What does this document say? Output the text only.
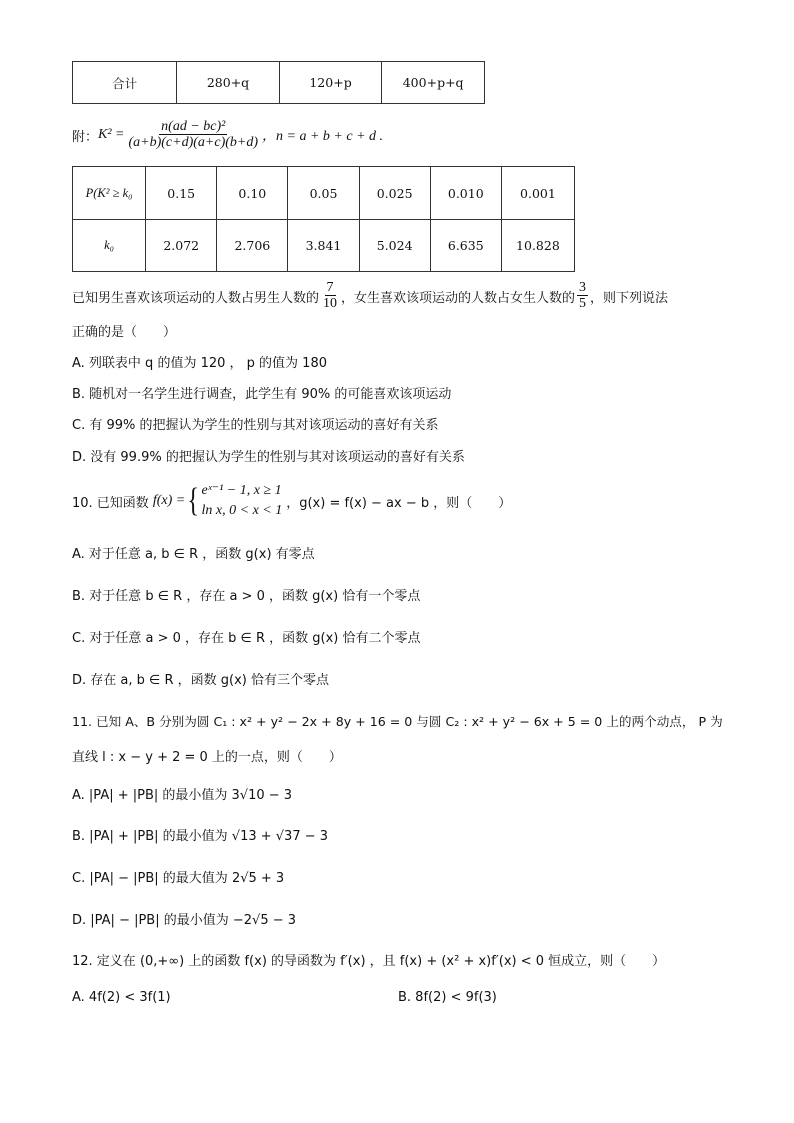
合计	280+q	120+p	400+p+q
附： $K^2 = \frac{\text{n(ad − bc)²}}{(a+b)(c+d)(a+c)(b+d)}$ ，n = a + b + c + d .
P(K² ≥ k₀	0.15	0.10	0.05	0.025	0.010	0.001
k₀	2.072	2.706	3.841	5.024	6.635	10.828
已知男生喜欢该项运动的人数占男生人数的 $\frac{7}{10}$ ，女生喜欢该项运动的人数占女生人数的 $\frac{3}{5}$ ，则下列说法
正确的是（　　）
A. 列联表中 q 的值为 120 ， p 的值为 180
B. 随机对一名学生进行调查，此学生有 90% 的可能喜欢该项运动
C. 有 99% 的把握认为学生的性别与其对该项运动的喜好有关系
D. 没有 99.9% 的把握认为学生的性别与其对该项运动的喜好有关系
10. 已知函数 f(x) = { eˣ⁻¹ − 1, x ≥ 1
ln x, 0 < x < 1 ，g(x) = f(x) − ax − b ，则（　　）
A. 对于任意 a, b ∈ R ，函数 g(x) 有零点
B. 对于任意 b ∈ R ，存在 a > 0 ，函数 g(x) 恰有一个零点
C. 对于任意 a > 0 ，存在 b ∈ R ，函数 g(x) 恰有二个零点
D. 存在 a, b ∈ R ，函数 g(x) 恰有三个零点
11. 已知 A、B 分别为圆 C₁ : x² + y² − 2x + 8y + 16 = 0 与圆 C₂ : x² + y² − 6x + 5 = 0 上的两个动点， P 为
直线 l : x − y + 2 = 0 上的一点，则（　　）
A. |PA| + |PB| 的最小值为 3√10 − 3
B. |PA| + |PB| 的最小值为 √13 + √37 − 3
C. |PA| − |PB| 的最大值为 2√5 + 3
D. |PA| − |PB| 的最小值为 −2√5 − 3
12. 定义在 (0,+∞) 上的函数 f(x) 的导函数为 f′(x) ，且 f(x) + (x² + x)f′(x) < 0 恒成立，则（　　）
A. 4f(2) < 3f(1)	B. 8f(2) < 9f(3)
